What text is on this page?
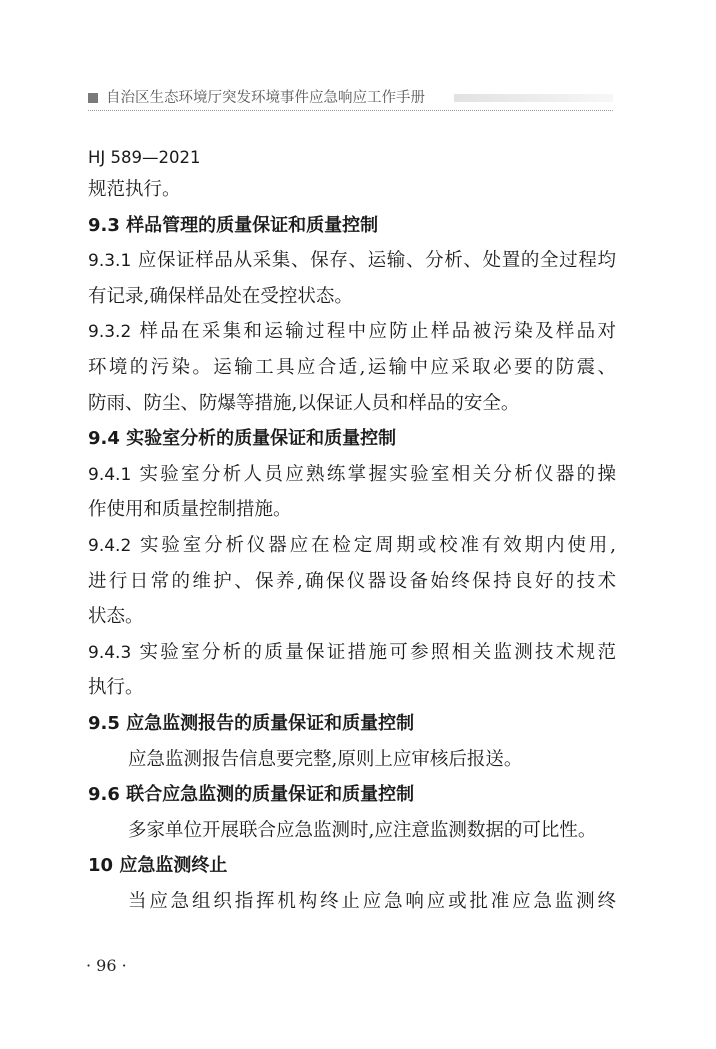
自治区生态环境厅突发环境事件应急响应工作手册
HJ 589—2021
规范执行。
9.3 样品管理的质量保证和质量控制
9.3.1 应保证样品从采集、保存、运输、分析、处置的全过程均
有记录,确保样品处在受控状态。
9.3.2 样品在采集和运输过程中应防止样品被污染及样品对
环境的污染。运输工具应合适,运输中应采取必要的防震、
防雨、防尘、防爆等措施,以保证人员和样品的安全。
9.4 实验室分析的质量保证和质量控制
9.4.1 实验室分析人员应熟练掌握实验室相关分析仪器的操
作使用和质量控制措施。
9.4.2 实验室分析仪器应在检定周期或校准有效期内使用,
进行日常的维护、保养,确保仪器设备始终保持良好的技术
状态。
9.4.3 实验室分析的质量保证措施可参照相关监测技术规范
执行。
9.5 应急监测报告的质量保证和质量控制
应急监测报告信息要完整,原则上应审核后报送。
9.6 联合应急监测的质量保证和质量控制
多家单位开展联合应急监测时,应注意监测数据的可比性。
10 应急监测终止
当应急组织指挥机构终止应急响应或批准应急监测终
· 96 ·
